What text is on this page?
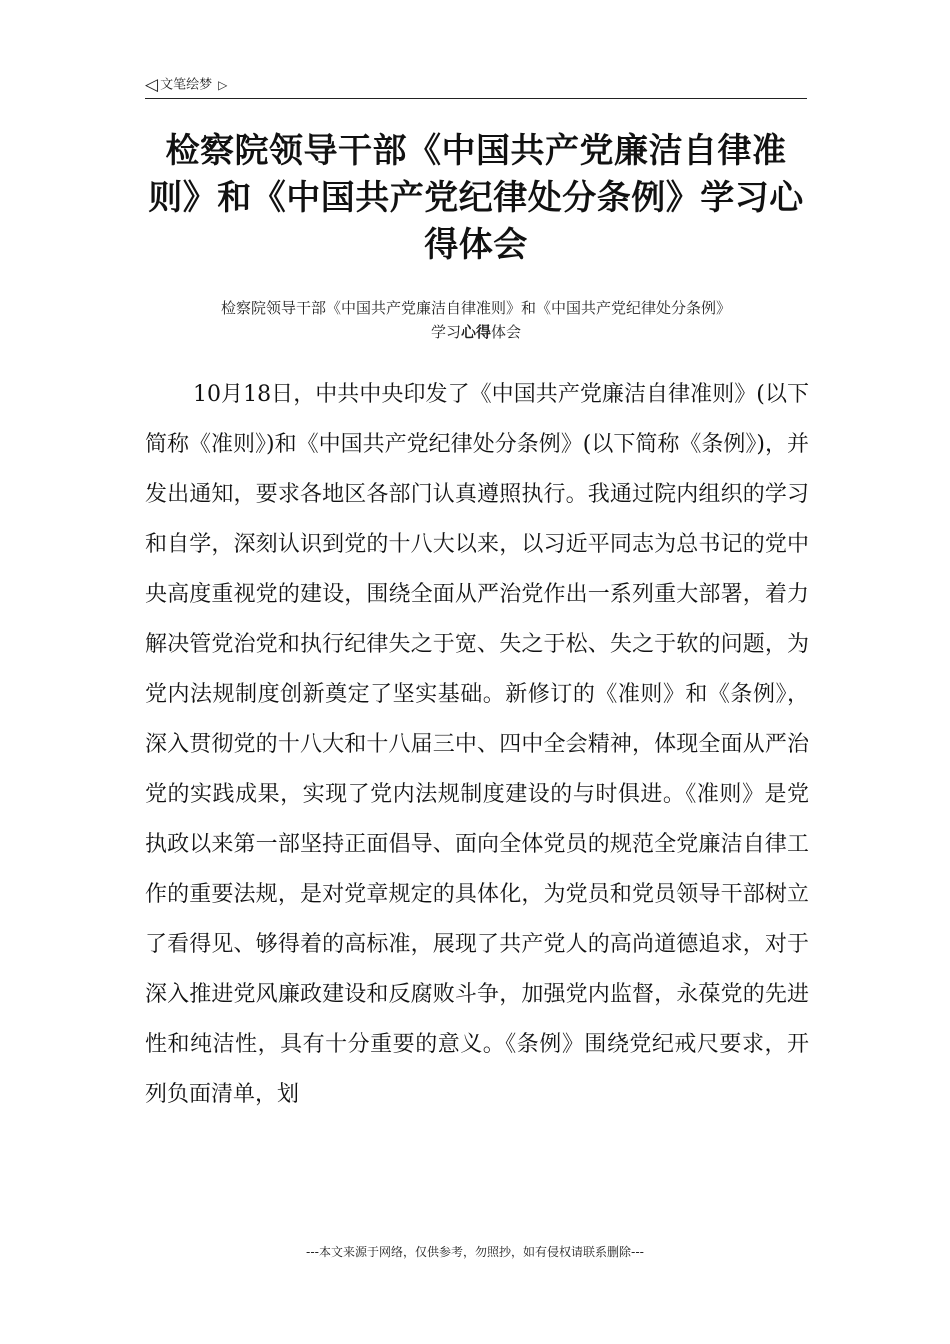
◁ 文笔绘梦 ▷
检察院领导干部《中国共产党廉洁自律准则》和《中国共产党纪律处分条例》学习心得体会
检察院领导干部《中国共产党廉洁自律准则》和《中国共产党纪律处分条例》
学习心得体会

10月18日，中共中央印发了《中国共产党廉洁自律准则》(以下简称《准则》)和《中国共产党纪律处分条例》(以下简称《条例》)，并发出通知，要求各地区各部门认真遵照执行。我通过院内组织的学习和自学，深刻认识到党的十八大以来，以习近平同志为总书记的党中央高度重视党的建设，围绕全面从严治党作出一系列重大部署，着力解决管党治党和执行纪律失之于宽、失之于松、失之于软的问题，为党内法规制度创新奠定了坚实基础。新修订的《准则》和《条例》，深入贯彻党的十八大和十八届三中、四中全会精神，体现全面从严治党的实践成果，实现了党内法规制度建设的与时俱进。《准则》是党执政以来第一部坚持正面倡导、面向全体党员的规范全党廉洁自律工作的重要法规，是对党章规定的具体化，为党员和党员领导干部树立了看得见、够得着的高标准，展现了共产党人的高尚道德追求，对于深入推进党风廉政建设和反腐败斗争，加强党内监督，永葆党的先进性和纯洁性，具有十分重要的意义。《条例》围绕党纪戒尺要求，开列负面清单，划

---本文来源于网络，仅供参考，勿照抄，如有侵权请联系删除---
